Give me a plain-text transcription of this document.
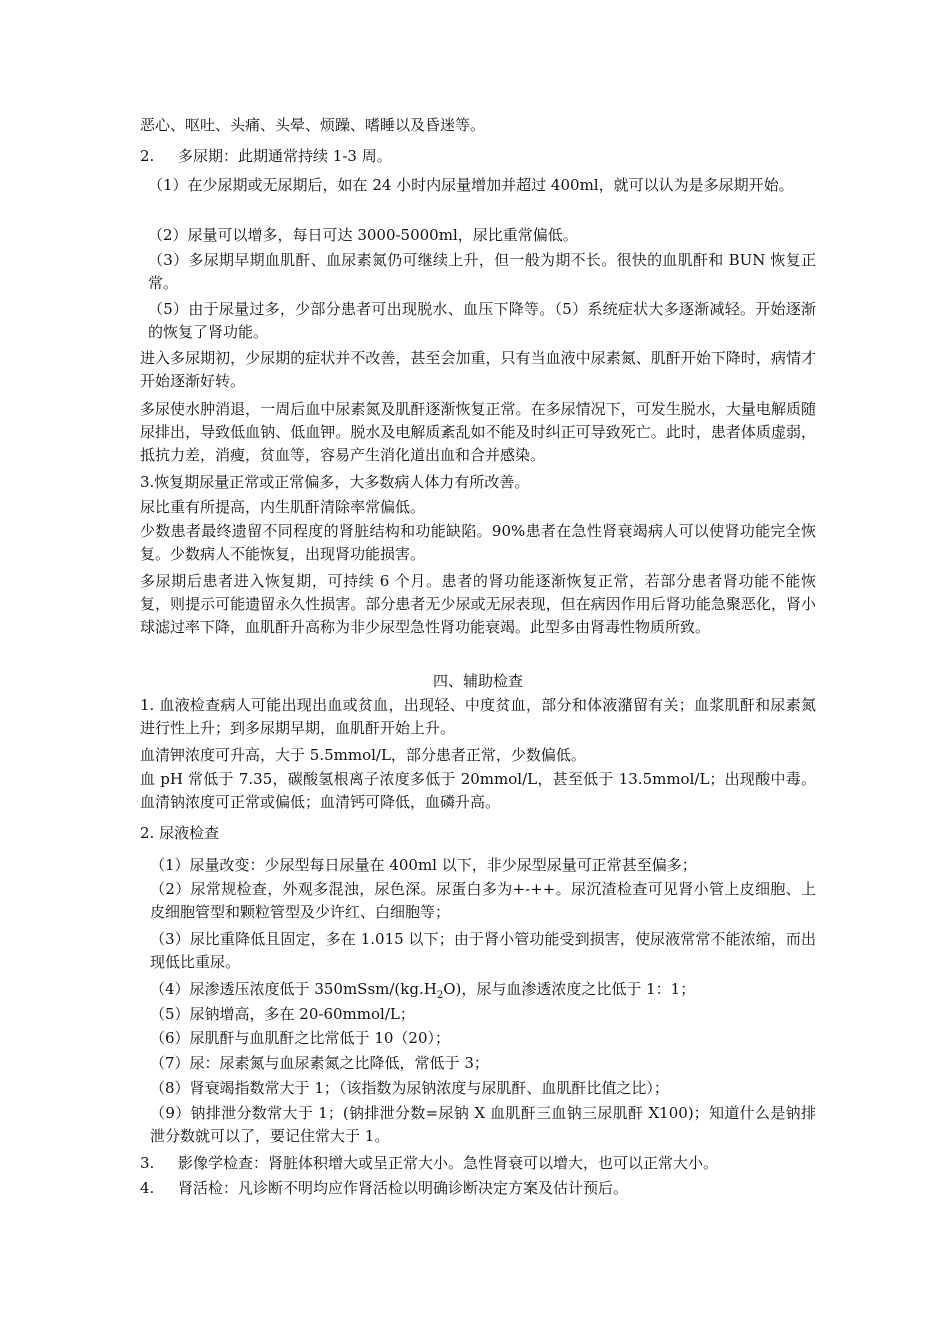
恶心、呕吐、头痛、头晕、烦躁、嗜睡以及昏迷等。

2. 多尿期：此期通常持续 1-3 周。

（1）在少尿期或无尿期后，如在 24 小时内尿量增加并超过 400ml，就可以认为是多尿期开始。

（2）尿量可以增多，每日可达 3000-5000ml，尿比重常偏低。

（3）多尿期早期血肌酐、血尿素氮仍可继续上升，但一般为期不长。很快的血肌酐和 BUN 恢复正常。

（5）由于尿量过多，少部分患者可出现脱水、血压下降等。（5）系统症状大多逐渐减轻。开始逐渐的恢复了肾功能。

进入多尿期初，少尿期的症状并不改善，甚至会加重，只有当血液中尿素氮、肌酐开始下降时，病情才开始逐渐好转。

多尿使水肿消退，一周后血中尿素氮及肌酐逐渐恢复正常。在多尿情况下，可发生脱水，大量电解质随尿排出，导致低血钠、低血钾。脱水及电解质紊乱如不能及时纠正可导致死亡。此时，患者体质虚弱，抵抗力差，消瘦，贫血等，容易产生消化道出血和合并感染。

3.恢复期尿量正常或正常偏多，大多数病人体力有所改善。

尿比重有所提高，内生肌酐清除率常偏低。

少数患者最终遗留不同程度的肾脏结构和功能缺陷。90%患者在急性肾衰竭病人可以使肾功能完全恢复。少数病人不能恢复，出现肾功能损害。

多尿期后患者进入恢复期，可持续 6 个月。患者的肾功能逐渐恢复正常，若部分患者肾功能不能恢复，则提示可能遗留永久性损害。部分患者无少尿或无尿表现，但在病因作用后肾功能急聚恶化，肾小球滤过率下降，血肌酐升高称为非少尿型急性肾功能衰竭。此型多由肾毒性物质所致。

四、辅助检查

1. 血液检查病人可能出现出血或贫血，出现轻、中度贫血，部分和体液潴留有关；血浆肌酐和尿素氮进行性上升；到多尿期早期，血肌酐开始上升。

血清钾浓度可升高，大于 5.5mmol/L，部分患者正常，少数偏低。

血 pH 常低于 7.35，碳酸氢根离子浓度多低于 20mmol/L，甚至低于 13.5mmol/L；出现酸中毒。血清钠浓度可正常或偏低；血清钙可降低，血磷升高。

2. 尿液检查

（1）尿量改变：少尿型每日尿量在 400ml 以下，非少尿型尿量可正常甚至偏多；

（2）尿常规检查，外观多混浊，尿色深。尿蛋白多为+-++。尿沉渣检查可见肾小管上皮细胞、上皮细胞管型和颗粒管型及少许红、白细胞等；

（3）尿比重降低且固定，多在 1.015 以下；由于肾小管功能受到损害，使尿液常常不能浓缩，而出现低比重尿。

（4）尿渗透压浓度低于 $350mSsm/(kg.H_2O)$，尿与血渗透浓度之比低于 1：1；

（5）尿钠增高，多在 20-60mmol/L；

（6）尿肌酐与血肌酐之比常低于 10（20）；

（7）尿：尿素氮与血尿素氮之比降低，常低于 3；

（8）肾衰竭指数常大于 1；（该指数为尿钠浓度与尿肌酐、血肌酐比值之比）；

（9）钠排泄分数常大于 1；(钠排泄分数=尿钠 X 血肌酐三血钠三尿肌酐 X100)；知道什么是钠排泄分数就可以了，要记住常大于 1。

3. 影像学检查：肾脏体积增大或呈正常大小。急性肾衰可以增大，也可以正常大小。

4. 肾活检：凡诊断不明均应作肾活检以明确诊断决定方案及估计预后。
